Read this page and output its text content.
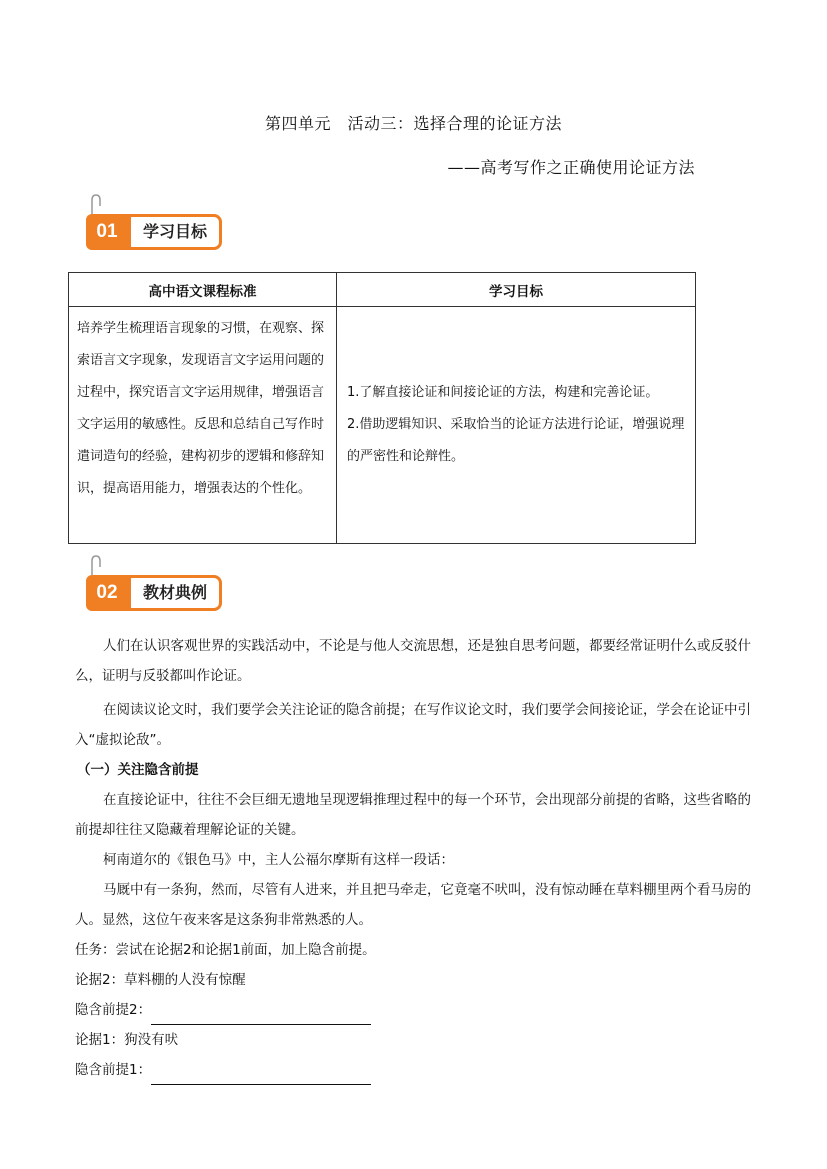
第四单元　活动三：选择合理的论证方法
——高考写作之正确使用论证方法
01	学习目标
高中语文课程标准	学习目标
培养学生梳理语言现象的习惯，在观察、探索语言文字现象，发现语言文字运用问题的过程中，探究语言文字运用规律，增强语言文字运用的敏感性。反思和总结自己写作时遣词造句的经验，建构初步的逻辑和修辞知识，提高语用能力，增强表达的个性化。	1.了解直接论证和间接论证的方法，构建和完善论证。
2.借助逻辑知识、采取恰当的论证方法进行论证，增强说理的严密性和论辩性。
02	教材典例

人们在认识客观世界的实践活动中，不论是与他人交流思想，还是独自思考问题，都要经常证明什么或反驳什么，证明与反驳都叫作论证。

在阅读议论文时，我们要学会关注论证的隐含前提；在写作议论文时，我们要学会间接论证，学会在论证中引入“虚拟论敌”。

（一）关注隐含前提

在直接论证中，往往不会巨细无遗地呈现逻辑推理过程中的每一个环节，会出现部分前提的省略，这些省略的前提却往往又隐藏着理解论证的关键。

柯南道尔的《银色马》中，主人公福尔摩斯有这样一段话：

马厩中有一条狗，然而，尽管有人进来，并且把马牵走，它竟毫不吠叫，没有惊动睡在草料棚里两个看马房的人。显然，这位午夜来客是这条狗非常熟悉的人。

任务：尝试在论据2和论据1前面，加上隐含前提。

论据2：草料棚的人没有惊醒

隐含前提2：

论据1：狗没有吠

隐含前提1：
